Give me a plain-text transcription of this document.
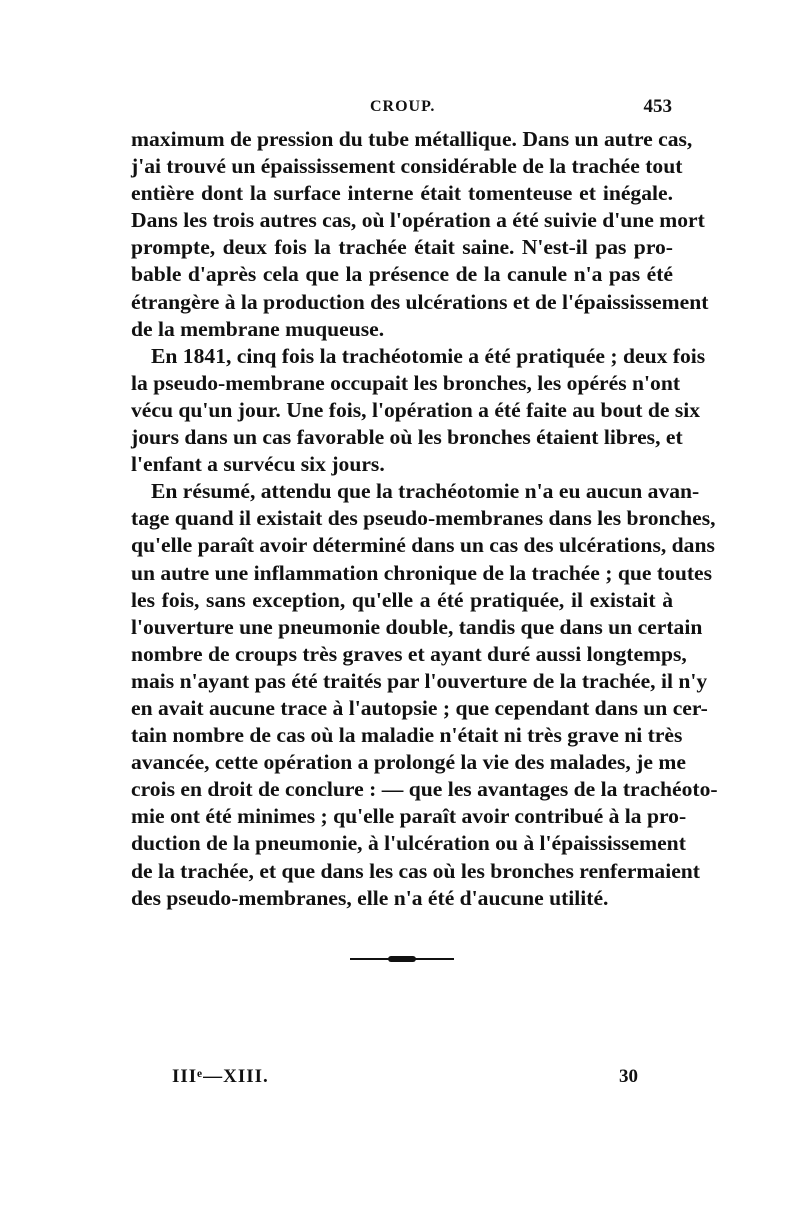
CROUP.	453
maximum de pression du tube métallique. Dans un autre cas,
j'ai trouvé un épaississement considérable de la trachée tout
entière dont la surface interne était tomenteuse et inégale.
Dans les trois autres cas, où l'opération a été suivie d'une mort
prompte, deux fois la trachée était saine. N'est-il pas pro-
bable d'après cela que la présence de la canule n'a pas été
étrangère à la production des ulcérations et de l'épaississement
de la membrane muqueuse.
En 1841, cinq fois la trachéotomie a été pratiquée ; deux fois
la pseudo-membrane occupait les bronches, les opérés n'ont
vécu qu'un jour. Une fois, l'opération a été faite au bout de six
jours dans un cas favorable où les bronches étaient libres, et
l'enfant a survécu six jours.
En résumé, attendu que la trachéotomie n'a eu aucun avan-
tage quand il existait des pseudo-membranes dans les bronches,
qu'elle paraît avoir déterminé dans un cas des ulcérations, dans
un autre une inflammation chronique de la trachée ; que toutes
les fois, sans exception, qu'elle a été pratiquée, il existait à
l'ouverture une pneumonie double, tandis que dans un certain
nombre de croups très graves et ayant duré aussi longtemps,
mais n'ayant pas été traités par l'ouverture de la trachée, il n'y
en avait aucune trace à l'autopsie ; que cependant dans un cer-
tain nombre de cas où la maladie n'était ni très grave ni très
avancée, cette opération a prolongé la vie des malades, je me
crois en droit de conclure : — que les avantages de la trachéoto-
mie ont été minimes ; qu'elle paraît avoir contribué à la pro-
duction de la pneumonie, à l'ulcération ou à l'épaississement
de la trachée, et que dans les cas où les bronches renfermaient
des pseudo-membranes, elle n'a été d'aucune utilité.
IIIᵉ—XIII.	30
